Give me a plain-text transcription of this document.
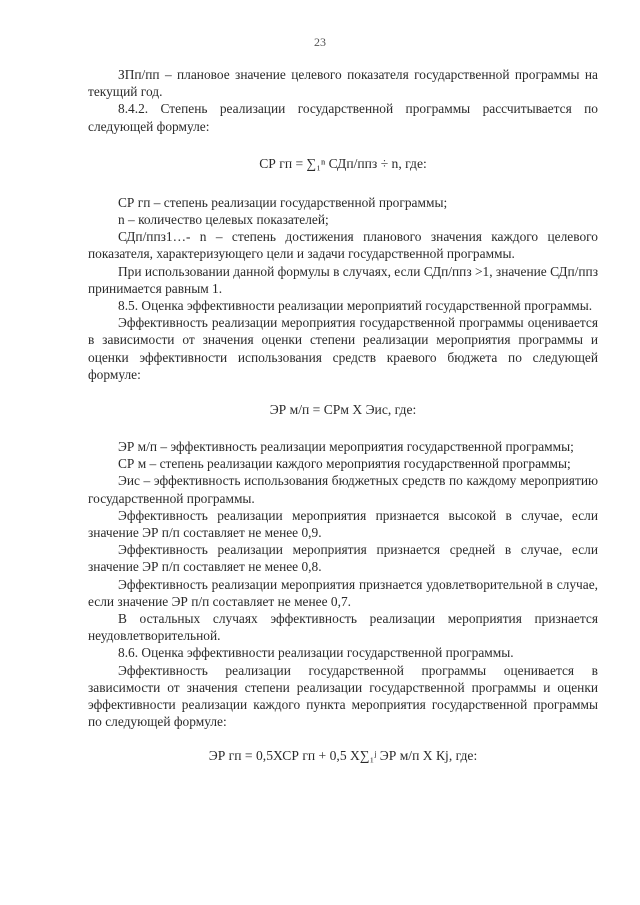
23

ЗПп/пп – плановое значение целевого показателя государственной программы на текущий год.

8.4.2. Степень реализации государственной программы рассчитывается по следующей формуле:

СР гп = ∑₁ⁿ СДп/ппз ÷ n, где:

СР гп – степень реализации государственной программы;

n – количество целевых показателей;

СДп/ппз1…- n – степень достижения планового значения каждого целевого показателя, характеризующего цели и задачи государственной программы.

При использовании данной формулы в случаях, если СДп/ппз >1, значение СДп/ппз принимается равным 1.

8.5. Оценка эффективности реализации мероприятий государственной программы.

Эффективность реализации мероприятия государственной программы оценивается в зависимости от значения оценки степени реализации мероприятия программы и оценки эффективности использования средств краевого бюджета по следующей формуле:

ЭР м/п = СРм Х Эис, где:

ЭР м/п – эффективность реализации мероприятия государственной программы;

СР м – степень реализации каждого мероприятия государственной программы;

Эис – эффективность использования бюджетных средств по каждому мероприятию государственной программы.

Эффективность реализации мероприятия признается высокой в случае, если значение ЭР п/п составляет не менее 0,9.

Эффективность реализации мероприятия признается средней в случае, если значение ЭР п/п составляет не менее 0,8.

Эффективность реализации мероприятия признается удовлетворительной в случае, если значение ЭР п/п составляет не менее 0,7.

В остальных случаях эффективность реализации мероприятия признается неудовлетворительной.

8.6. Оценка эффективности реализации государственной программы.

Эффективность реализации государственной программы оценивается в зависимости от значения степени реализации государственной программы и оценки эффективности реализации каждого пункта мероприятия государственной программы по следующей формуле:

ЭР гп = 0,5ХСР гп + 0,5 Х∑₁ʲ ЭР м/п Х Кj, где:
